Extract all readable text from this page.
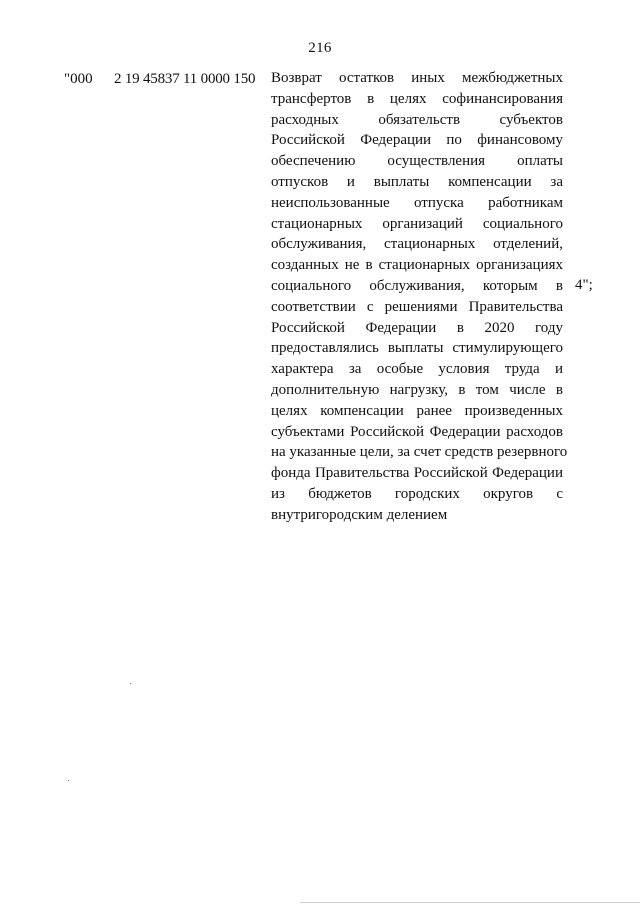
216
"000 2 19 45837 11 0000 150 Возврат остатков иных межбюджетных
трансфертов в целях софинансирования
расходных обязательств субъектов
Российской Федерации по финансовому
обеспечению осуществления оплаты
отпусков и выплаты компенсации за
неиспользованные отпуска работникам
стационарных организаций социального
обслуживания, стационарных отделений,
созданных не в стационарных организациях
социального обслуживания, которым в
соответствии с решениями Правительства
Российской Федерации в 2020 году
предоставлялись выплаты стимулирующего
характера за особые условия труда и
дополнительную нагрузку, в том числе в
целях компенсации ранее произведенных
субъектами Российской Федерации расходов
на указанные цели, за счет средств резервного
фонда Правительства Российской Федерации
из бюджетов городских округов с
внутригородским делением
4";
